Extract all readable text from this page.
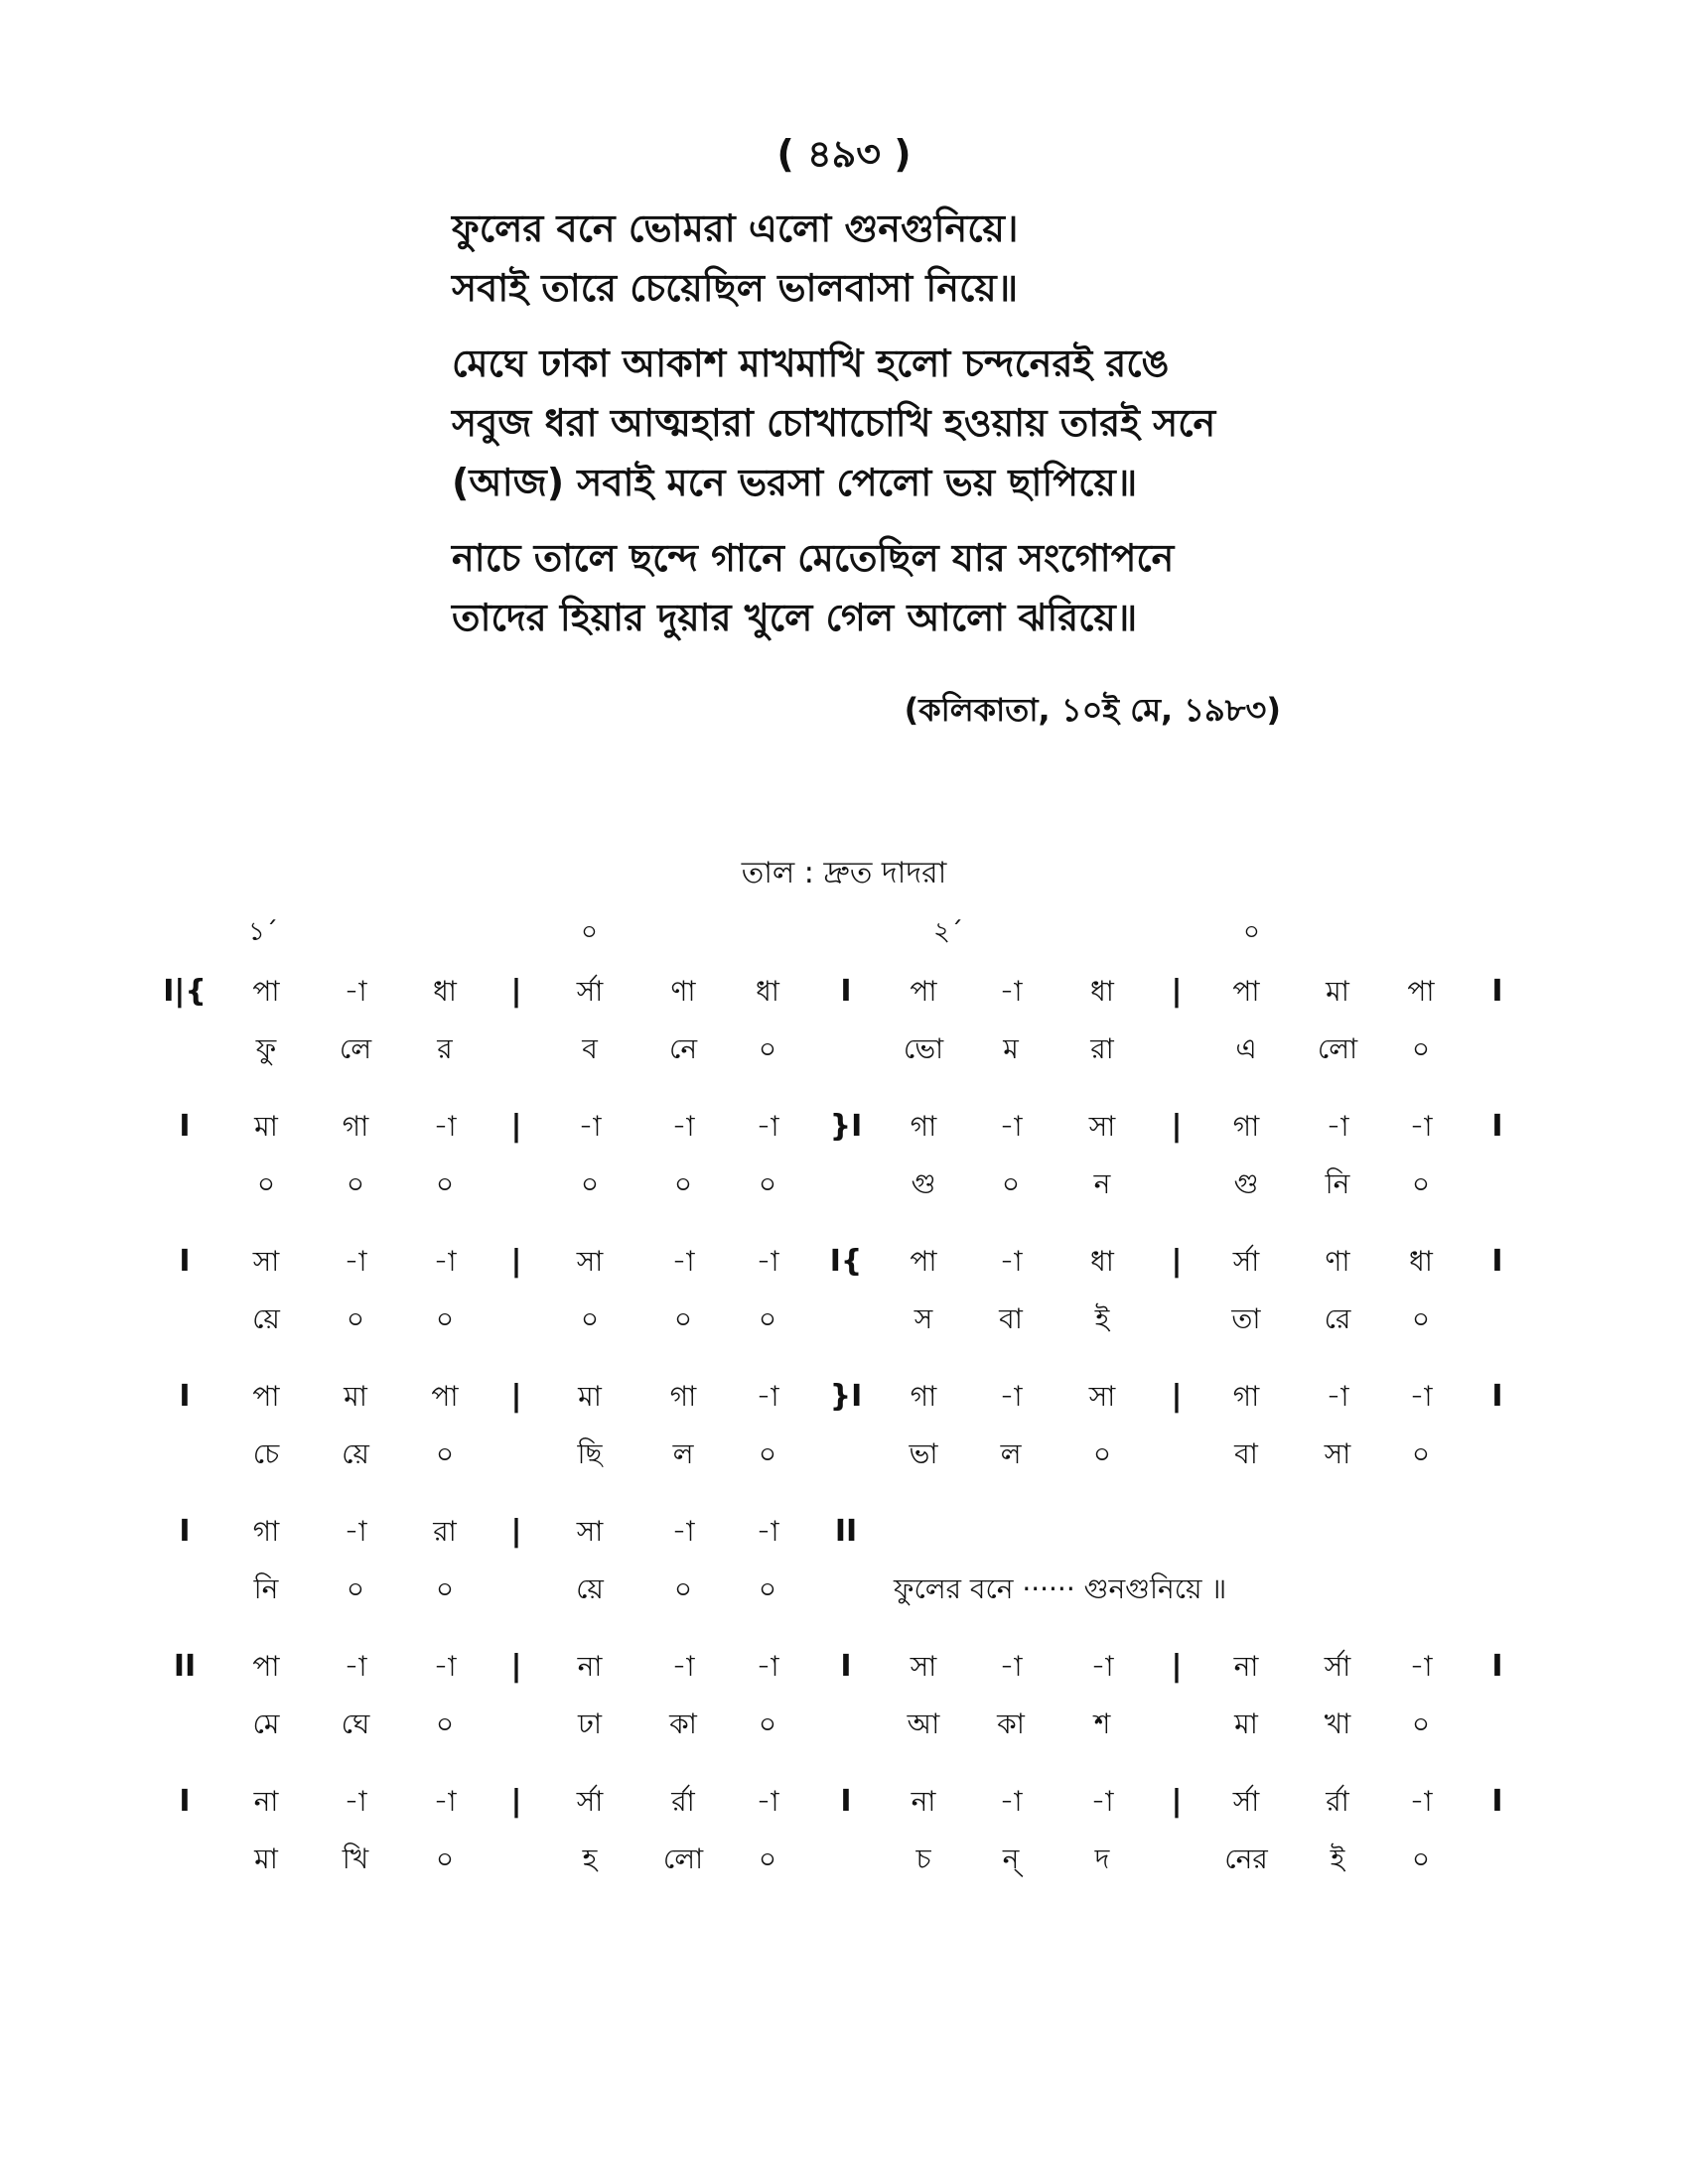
( ৪৯৩ )
ফুলের বনে ভোমরা এলো গুনগুনিয়ে।
সবাই তারে চেয়েছিল ভালবাসা নিয়ে॥
মেঘে ঢাকা আকাশ মাখমাখি হলো চন্দনেরই রঙে
সবুজ ধরা আত্মহারা চোখাচোখি হওয়ায় তারই সনে
(আজ) সবাই মনে ভরসা পেলো ভয় ছাপিয়ে॥
নাচে তালে ছন্দে গানে মেতেছিল যার সংগোপনে
তাদের হিয়ার দুয়ার খুলে গেল আলো ঝরিয়ে॥
(কলিকাতা, ১০ই মে, ১৯৮৩)
তাল : দ্রুত দাদরা
১´	০	২´	০
I|{	পা	-া	ধা	|	র্সা	ণা	ধা	I	পা	-া	ধা	|	পা	মা	পা	I
ফু	লে	র	ব	নে	০	ভো	ম	রা	এ	লো	০
I	মা	গা	-া	|	-া	-া	-া	}I	গা	-া	সা	|	গা	-া	-া	I
০	০	০	০	০	০	গু	০	ন	গু	নি	০
I	সা	-া	-া	|	সা	-া	-া	I{	পা	-া	ধা	|	র্সা	ণা	ধা	I
য়ে	০	০	০	০	০	স	বা	ই	তা	রে	০
I	পা	মা	পা	|	মা	গা	-া	}I	গা	-া	সা	|	গা	-া	-া	I
চে	য়ে	০	ছি	ল	০	ভা	ল	০	বা	সা	০
I	গা	-া	রা	|	সা	-া	-া	II
নি	০	০	য়ে	০	০	ফুলের বনে ······ গুনগুনিয়ে ॥
II	পা	-া	-া	|	না	-া	-া	I	সা	-া	-া	|	না	র্সা	-া	I
মে	ঘে	০	ঢা	কা	০	আ	কা	শ	মা	খা	০
I	না	-া	-া	|	র্সা	র্রা	-া	I	না	-া	-া	|	র্সা	র্রা	-া	I
মা	খি	০	হ	লো	০	চ	ন্	দ	নের	ই	০
